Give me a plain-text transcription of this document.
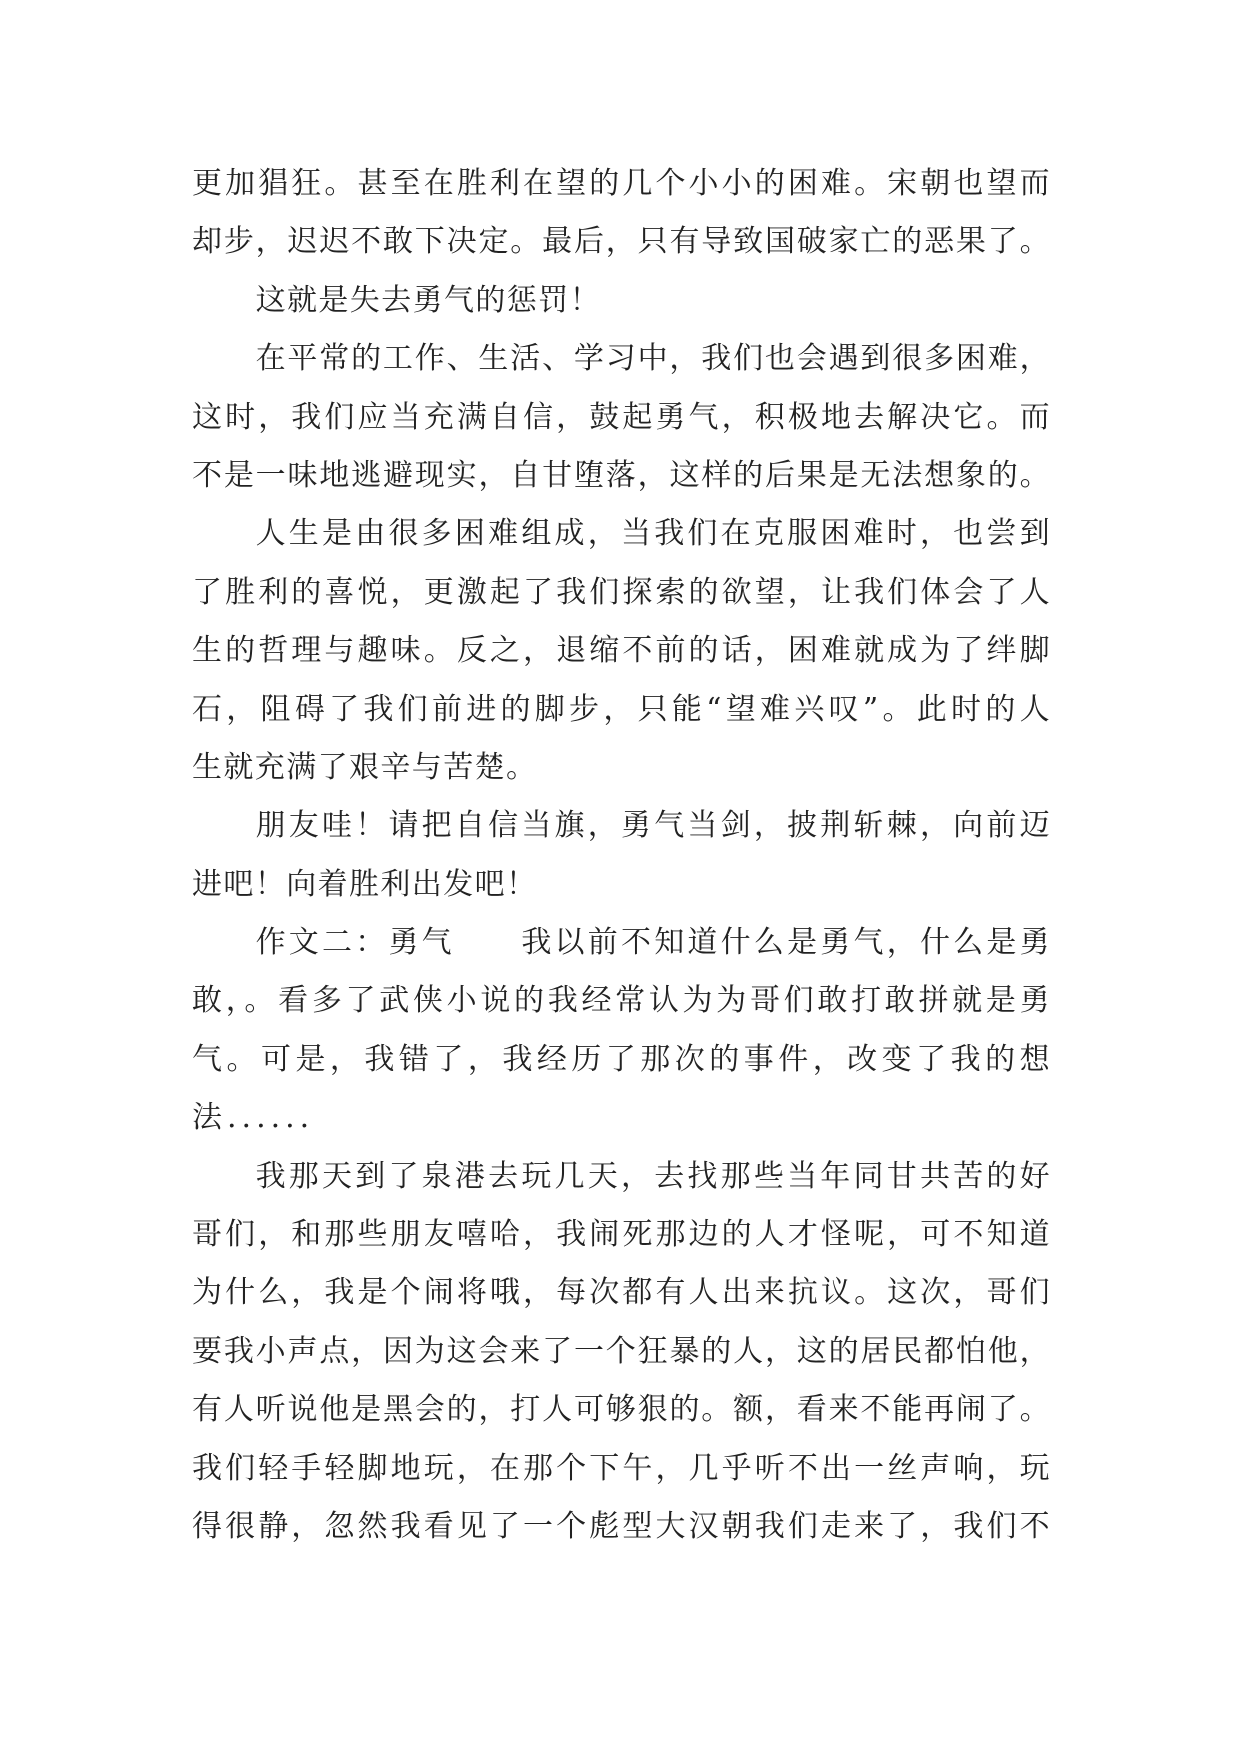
更加猖狂。甚至在胜利在望的几个小小的困难。宋朝也望而
却步，迟迟不敢下决定。最后，只有导致国破家亡的恶果了。
这就是失去勇气的惩罚！
在平常的工作、生活、学习中，我们也会遇到很多困难，
这时，我们应当充满自信，鼓起勇气，积极地去解决它。而
不是一味地逃避现实，自甘堕落，这样的后果是无法想象的。
人生是由很多困难组成，当我们在克服困难时，也尝到
了胜利的喜悦，更激起了我们探索的欲望，让我们体会了人
生的哲理与趣味。反之，退缩不前的话，困难就成为了绊脚
石，阻碍了我们前进的脚步，只能“望难兴叹”。此时的人
生就充满了艰辛与苦楚。
朋友哇！请把自信当旗，勇气当剑，披荆斩棘，向前迈
进吧！向着胜利出发吧！
作文二：勇气　　我以前不知道什么是勇气，什么是勇
敢，。看多了武侠小说的我经常认为为哥们敢打敢拼就是勇
气。可是，我错了，我经历了那次的事件，改变了我的想
法......
我那天到了泉港去玩几天，去找那些当年同甘共苦的好
哥们，和那些朋友嘻哈，我闹死那边的人才怪呢，可不知道
为什么，我是个闹将哦，每次都有人出来抗议。这次，哥们
要我小声点，因为这会来了一个狂暴的人，这的居民都怕他，
有人听说他是黑会的，打人可够狠的。额，看来不能再闹了。
我们轻手轻脚地玩，在那个下午，几乎听不出一丝声响，玩
得很静，忽然我看见了一个彪型大汉朝我们走来了，我们不
